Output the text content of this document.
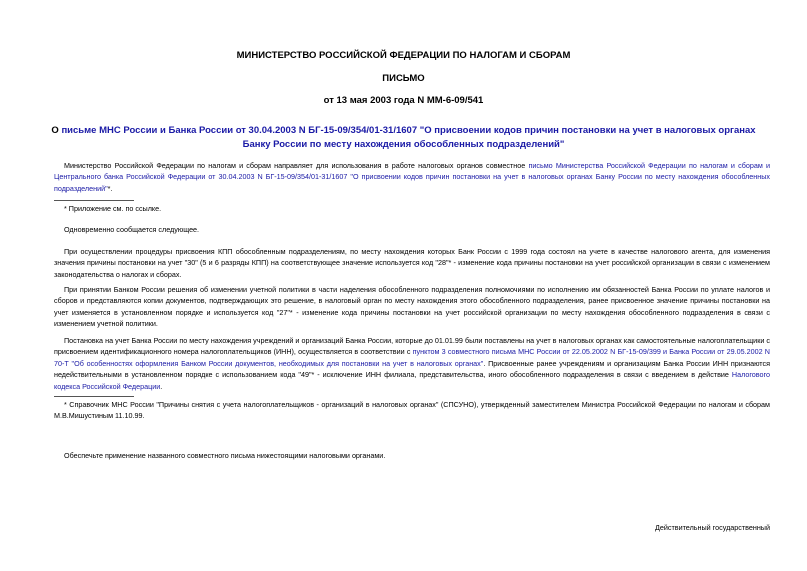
МИНИСТЕРСТВО РОССИЙСКОЙ ФЕДЕРАЦИИ ПО НАЛОГАМ И СБОРАМ
ПИСЬМО
от 13 мая 2003 года N ММ-6-09/541
О письме МНС России и Банка России от 30.04.2003 N БГ-15-09/354/01-31/1607 "О присвоении кодов причин постановки на учет в налоговых органах Банку России по месту нахождения обособленных подразделений"
Министерство Российской Федерации по налогам и сборам направляет для использования в работе налоговых органов совместное письмо Министерства Российской Федерации по налогам и сборам и Центрального банка Российской Федерации от 30.04.2003 N БГ-15-09/354/01-31/1607 "О присвоении кодов причин постановки на учет в налоговых органах Банку России по месту нахождения обособленных подразделений"*.
* Приложение см. по ссылке.
Одновременно сообщается следующее.
При осуществлении процедуры присвоения КПП обособленным подразделениям, по месту нахождения которых Банк России с 1999 года состоял на учете в качестве налогового агента, для изменения значения причины постановки на учет "30" (5 и 6 разряды КПП) на соответствующее значение используется код "28"* - изменение кода причины постановки на учет российской организации в связи с изменением законодательства о налогах и сборах.
При принятии Банком России решения об изменении учетной политики в части наделения обособленного подразделения полномочиями по исполнению им обязанностей Банка России по уплате налогов и сборов и представляются копии документов, подтверждающих это решение, в налоговый орган по месту нахождения этого обособленного подразделения, ранее присвоенное значение причины постановки на учет изменяется в установленном порядке и используется код "27"* - изменение кода причины постановки на учет российской организации по месту нахождения обособленного подразделения в связи с изменением учетной политики.
Постановка на учет Банка России по месту нахождения учреждений и организаций Банка России, которые до 01.01.99 были поставлены на учет в налоговых органах как самостоятельные налогоплательщики с присвоением идентификационного номера налогоплательщиков (ИНН), осуществляется в соответствии с пунктом 3 совместного письма МНС России от 22.05.2002 N БГ-15-09/399 и Банка России от 29.05.2002 N 70-Т "Об особенностях оформления Банком России документов, необходимых для постановки на учет в налоговых органах". Присвоенные ранее учреждениям и организациям Банка России ИНН признаются недействительными в установленном порядке с использованием кода "49"* - исключение ИНН филиала, представительства, иного обособленного подразделения в связи с введением в действие Налогового кодекса Российской Федерации.
* Справочник МНС России "Причины снятия с учета налогоплательщиков - организаций в налоговых органах" (СПСУНО), утвержденный заместителем Министра Российской Федерации по налогам и сборам М.В.Мишустиным 11.10.99.
Обеспечьте применение названного совместного письма нижестоящими налоговыми органами.
Действительный государственный
